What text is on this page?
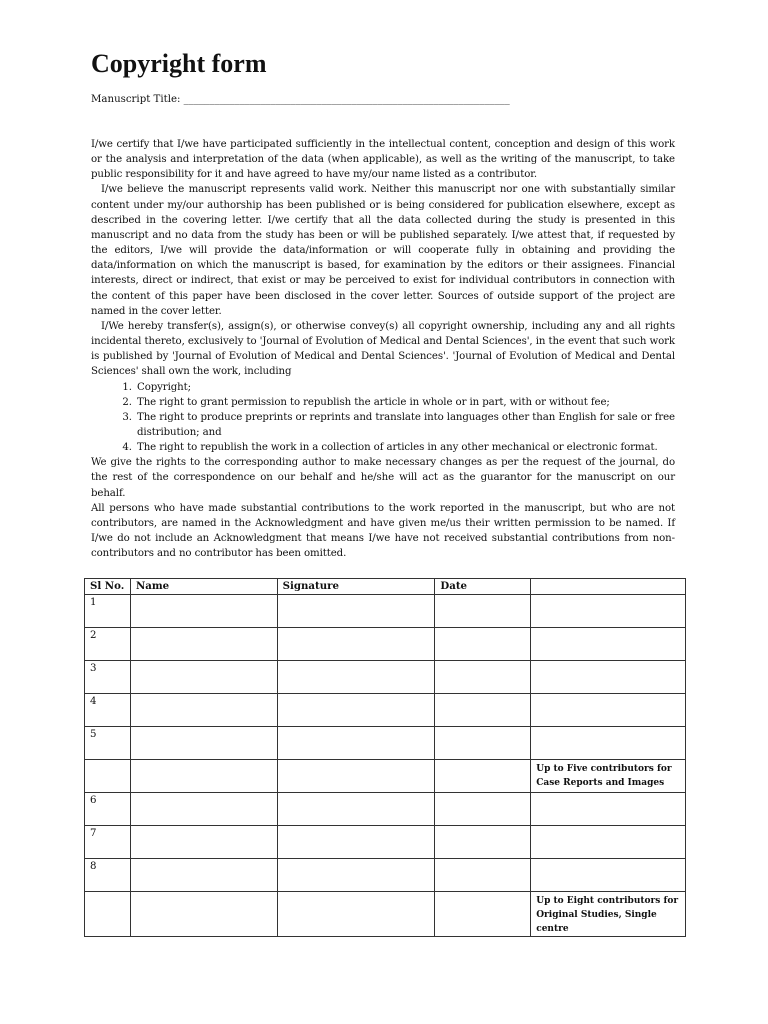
Copyright form
Manuscript Title: ________________________________________________________________

I/we certify that I/we have participated sufficiently in the intellectual content, conception and design of this work or the analysis and interpretation of the data (when applicable), as well as the writing of the manuscript, to take public responsibility for it and have agreed to have my/our name listed as a contributor.

I/we believe the manuscript represents valid work. Neither this manuscript nor one with substantially similar content under my/our authorship has been published or is being considered for publication elsewhere, except as described in the covering letter. I/we certify that all the data collected during the study is presented in this manuscript and no data from the study has been or will be published separately. I/we attest that, if requested by the editors, I/we will provide the data/information or will cooperate fully in obtaining and providing the data/information on which the manuscript is based, for examination by the editors or their assignees. Financial interests, direct or indirect, that exist or may be perceived to exist for individual contributors in connection with the content of this paper have been disclosed in the cover letter. Sources of outside support of the project are named in the cover letter.

I/We hereby transfer(s), assign(s), or otherwise convey(s) all copyright ownership, including any and all rights incidental thereto, exclusively to 'Journal of Evolution of Medical and Dental Sciences', in the event that such work is published by 'Journal of Evolution of Medical and Dental Sciences'. 'Journal of Evolution of Medical and Dental Sciences' shall own the work, including

1. Copyright;
2. The right to grant permission to republish the article in whole or in part, with or without fee;
3. The right to produce preprints or reprints and translate into languages other than English for sale or free distribution; and
4. The right to republish the work in a collection of articles in any other mechanical or electronic format.

We give the rights to the corresponding author to make necessary changes as per the request of the journal, do the rest of the correspondence on our behalf and he/she will act as the guarantor for the manuscript on our behalf.

All persons who have made substantial contributions to the work reported in the manuscript, but who are not contributors, are named in the Acknowledgment and have given me/us their written permission to be named. If I/we do not include an Acknowledgment that means I/we have not received substantial contributions from non-contributors and no contributor has been omitted.

Sl No.	Name	Signature	Date	
1				
2				
3				
4				
5				
				Up to Five contributors for Case Reports and Images
6				
7				
8				
				Up to Eight contributors for Original Studies, Single centre
